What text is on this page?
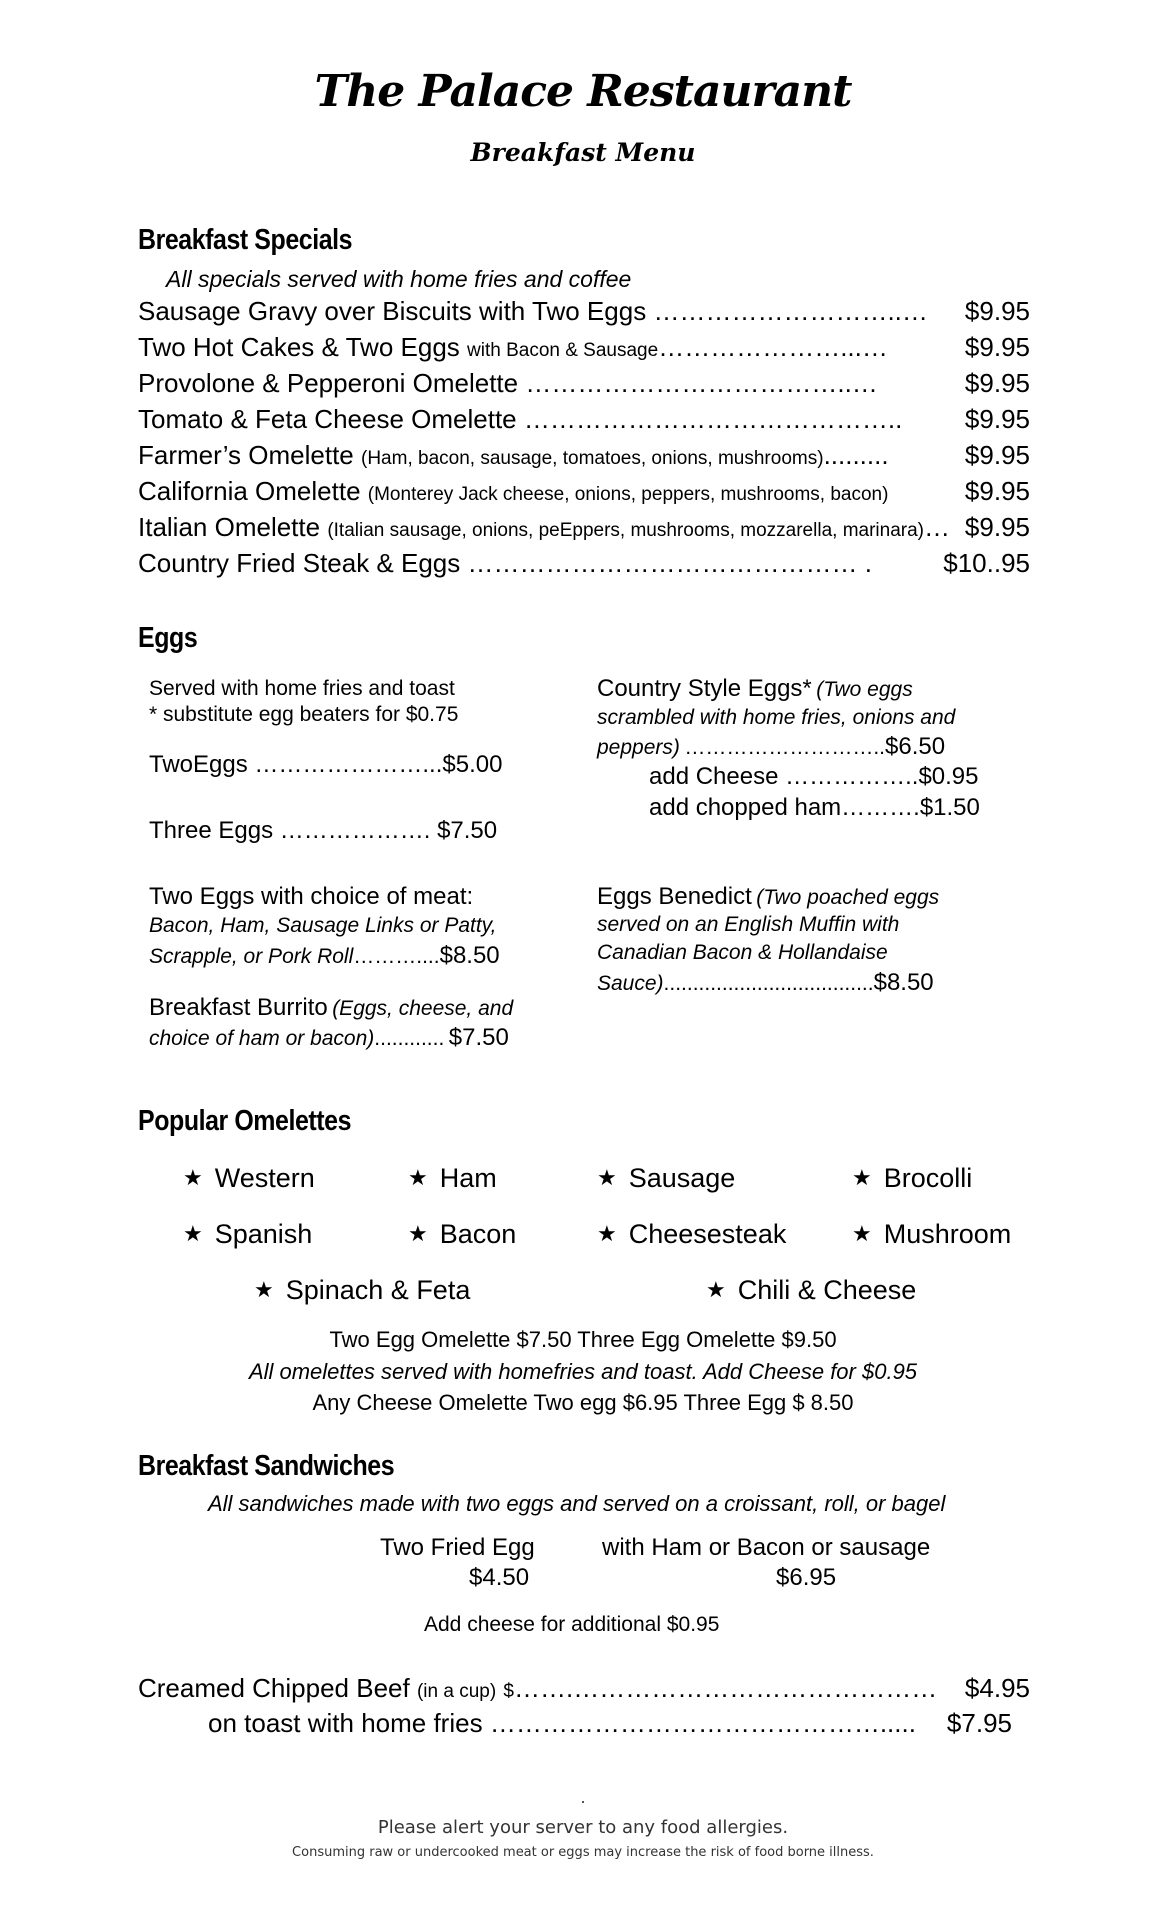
The Palace Restaurant
Breakfast Menu
Breakfast Specials
All specials served with home fries and coffee
Sausage Gravy over Biscuits with Two Eggs ………………………..… $9.95
Two Hot Cakes & Two Eggs with Bacon & Sausage…………………...…	$9.95
Provolone & Pepperoni Omelette ………………………………..…	$9.95
Tomato & Feta Cheese Omelette …………………………………….. $9.95
Farmer’s Omelette (Ham, bacon, sausage, tomatoes, onions, mushrooms).........	$9.95
California Omelette (Monterey Jack cheese, onions, peppers, mushrooms, bacon)	$9.95
Italian Omelette (Italian sausage, onions, peEppers, mushrooms, mozzarella, marinara)… $9.95
Country Fried Steak & Eggs ……………………………………… .	$10..95
Eggs
Served with home fries and toast
* substitute egg beaters for $0.75
TwoEggs …………………...$5.00
Three Eggs ………………. $7.50
Two Eggs with choice of meat:
Bacon, Ham, Sausage Links or Patty,
Scrapple, or Pork Roll………....$8.50
Breakfast Burrito (Eggs, cheese, and
choice of ham or bacon)............ $7.50
Country Style Eggs* (Two eggs
scrambled with home fries, onions and
peppers) ………………………..$6.50
add Cheese ……………..$0.95
add chopped ham……….$1.50
Eggs Benedict (Two poached eggs
served on an English Muffin with
Canadian Bacon & Hollandaise
Sauce)....................................$8.50
Popular Omelettes
★ Western	★ Ham	★ Sausage	★ Brocolli
★ Spanish	★ Bacon	★ Cheesesteak	★ Mushroom
★ Spinach & Feta	★ Chili & Cheese
Two Egg Omelette $7.50 Three Egg Omelette $9.50
All omelettes served with homefries and toast. Add Cheese for $0.95
Any Cheese Omelette Two egg $6.95 Three Egg $ 8.50
Breakfast Sandwiches
All sandwiches made with two eggs and served on a croissant, roll, or bagel
Two Fried Egg
$4.50
with Ham or Bacon or sausage
$6.95
Add cheese for additional $0.95
Creamed Chipped Beef (in a cup) $…….…………………………………… $4.95
on toast with home fries ………………………………………..... $7.95
.
Please alert your server to any food allergies.
Consuming raw or undercooked meat or eggs may increase the risk of food borne illness.
